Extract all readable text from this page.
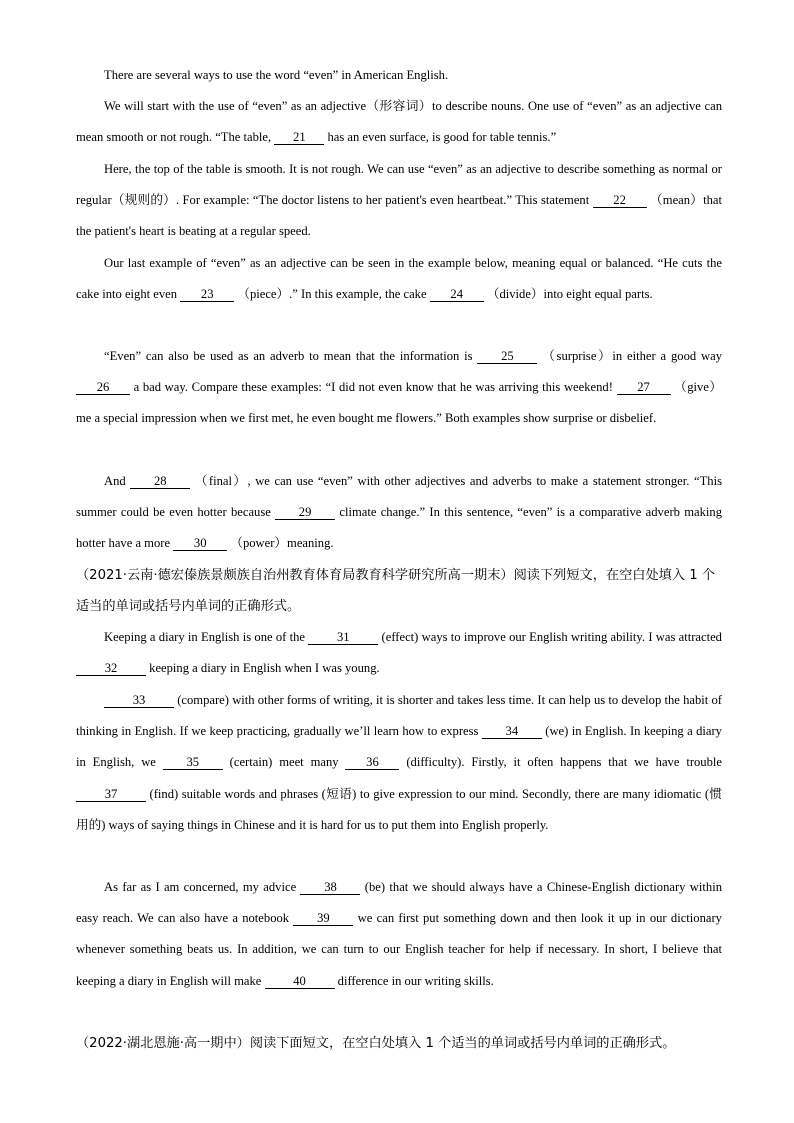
There are several ways to use the word “even” in American English.

We will start with the use of “even” as an adjective（形容词）to describe nouns. One use of “even” as an adjective can mean smooth or not rough. “The table, 21 has an even surface, is good for table tennis.”

Here, the top of the table is smooth. It is not rough. We can use “even” as an adjective to describe something as normal or regular（规则的）. For example: “The doctor listens to her patient's even heartbeat.” This statement 22 （mean）that the patient's heart is beating at a regular speed.

Our last example of “even” as an adjective can be seen in the example below, meaning equal or balanced. “He cuts the cake into eight even 23 （piece）.” In this example, the cake 24 （divide）into eight equal parts.

“Even” can also be used as an adverb to mean that the information is 25 （surprise）in either a good way 26 a bad way. Compare these examples: “I did not even know that he was arriving this weekend! 27 （give）me a special impression when we first met, he even bought me flowers.” Both examples show surprise or disbelief.

And 28 （final）, we can use “even” with other adjectives and adverbs to make a statement stronger. “This summer could be even hotter because 29 climate change.” In this sentence, “even” is a comparative adverb making hotter have a more 30 （power）meaning.

（2021·云南·德宏傣族景颇族自治州教育体育局教育科学研究所高一期末）阅读下列短文，在空白处填入 1 个适当的单词或括号内单词的正确形式。

Keeping a diary in English is one of the 31 (effect) ways to improve our English writing ability. I was attracted 32 keeping a diary in English when I was young.

33 (compare) with other forms of writing, it is shorter and takes less time. It can help us to develop the habit of thinking in English. If we keep practicing, gradually we’ll learn how to express 34 (we) in English. In keeping a diary in English, we 35 (certain) meet many 36 (difficulty). Firstly, it often happens that we have trouble 37 (find) suitable words and phrases (短语) to give expression to our mind. Secondly, there are many idiomatic (惯用的) ways of saying things in Chinese and it is hard for us to put them into English properly.

As far as I am concerned, my advice 38 (be) that we should always have a Chinese-English dictionary within easy reach. We can also have a notebook 39 we can first put something down and then look it up in our dictionary whenever something beats us. In addition, we can turn to our English teacher for help if necessary. In short, I believe that keeping a diary in English will make 40 difference in our writing skills.

（2022·湖北恩施·高一期中）阅读下面短文，在空白处填入 1 个适当的单词或括号内单词的正确形式。
